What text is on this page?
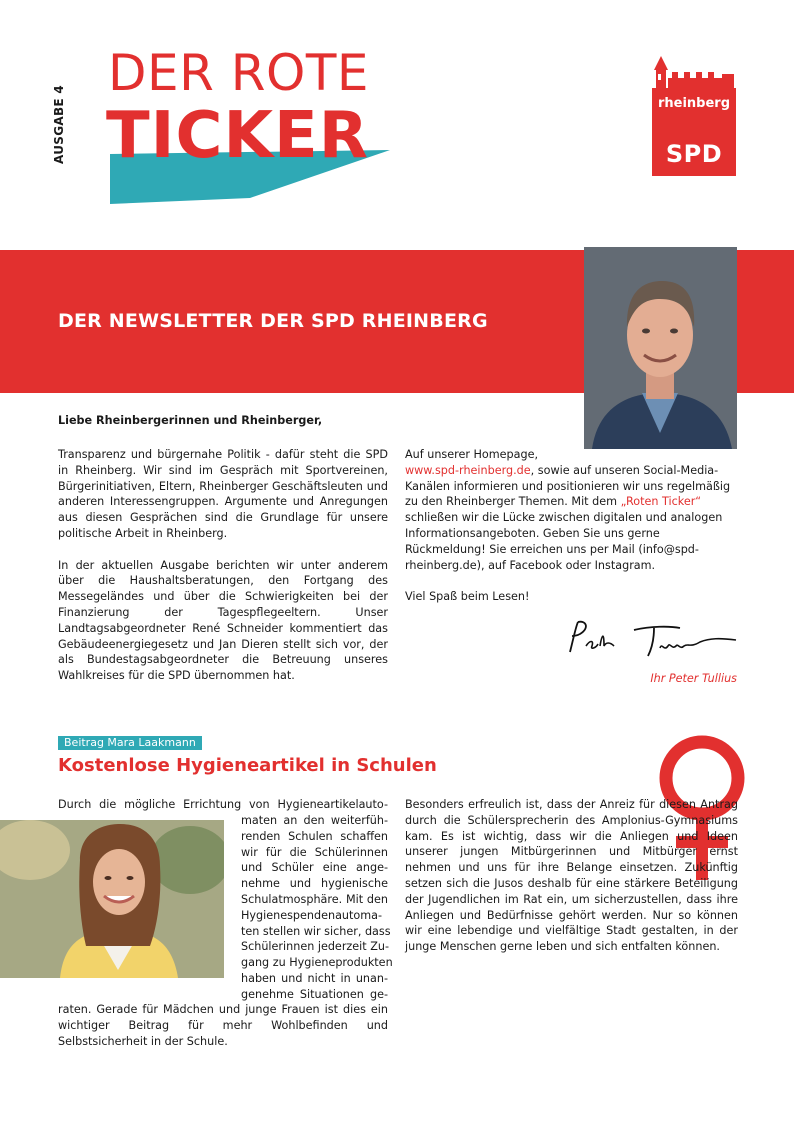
AUSGABE 4
DER ROTE
TICKER	rheinberg
SPD
DER NEWSLETTER DER SPD RHEINBERG
Liebe Rheinbergerinnen und Rheinberger,

Transparenz und bürgernahe Politik - dafür steht die SPD in Rheinberg. Wir sind im Gespräch mit Sportvereinen, Bürgerinitiativen, Eltern, Rheinberger Geschäftsleuten und anderen Interessengruppen. Argumente und Anregungen aus diesen Gesprächen sind die Grundlage für unsere politische Arbeit in Rheinberg.

In der aktuellen Ausgabe berichten wir unter anderem über die Haushaltsberatungen, den Fortgang des Messegeländes und über die Schwierigkeiten bei der Finanzierung der Tagespflegeeltern. Unser Landtagsabgeordneter René Schneider kommentiert das Gebäudeenergiegesetz und Jan Dieren stellt sich vor, der als Bundestagsabgeordneter die Betreuung unseres Wahlkreises für die SPD übernommen hat.

Auf unserer Homepage,
www.spd-rheinberg.de, sowie auf unseren Social-Media-Kanälen informieren und positionieren wir uns regelmäßig zu den Rheinberger Themen. Mit dem „Roten Ticker“ schließen wir die Lücke zwischen digitalen und analogen Informationsangeboten. Geben Sie uns gerne Rückmeldung! Sie erreichen uns per Mail (info@spd-rheinberg.de), auf Facebook oder Instagram.

Viel Spaß beim Lesen!

Ihr Peter Tullius
Beitrag Mara Laakmann
Kostenlose Hygieneartikel in Schulen
Durch die mögliche Errichtung von Hygieneartikelauto-
maten an den weiterfüh-
renden Schulen schaffen
wir für die Schülerinnen
und Schüler eine ange-
nehme und hygienische
Schulatmosphäre. Mit den
Hygienespendenautoma-
ten stellen wir sicher, dass
Schülerinnen jederzeit Zu-
gang zu Hygieneprodukten
haben und nicht in unan-
genehme Situationen ge-
raten. Gerade für Mädchen und junge Frauen ist dies ein wichtiger Beitrag für mehr Wohlbefinden und Selbstsicherheit in der Schule.
Besonders erfreulich ist, dass der Anreiz für diesen Antrag durch die Schülersprecherin des Amplonius-Gymnasiums kam. Es ist wichtig, dass wir die Anliegen und Ideen unserer jungen Mitbürgerinnen und Mitbürger ernst nehmen und uns für ihre Belange einsetzen. Zukünftig setzen sich die Jusos deshalb für eine stärkere Beteiligung der Jugendlichen im Rat ein, um sicherzustellen, dass ihre Anliegen und Bedürfnisse gehört werden. Nur so können wir eine lebendige und vielfältige Stadt gestalten, in der junge Menschen gerne leben und sich entfalten können.
